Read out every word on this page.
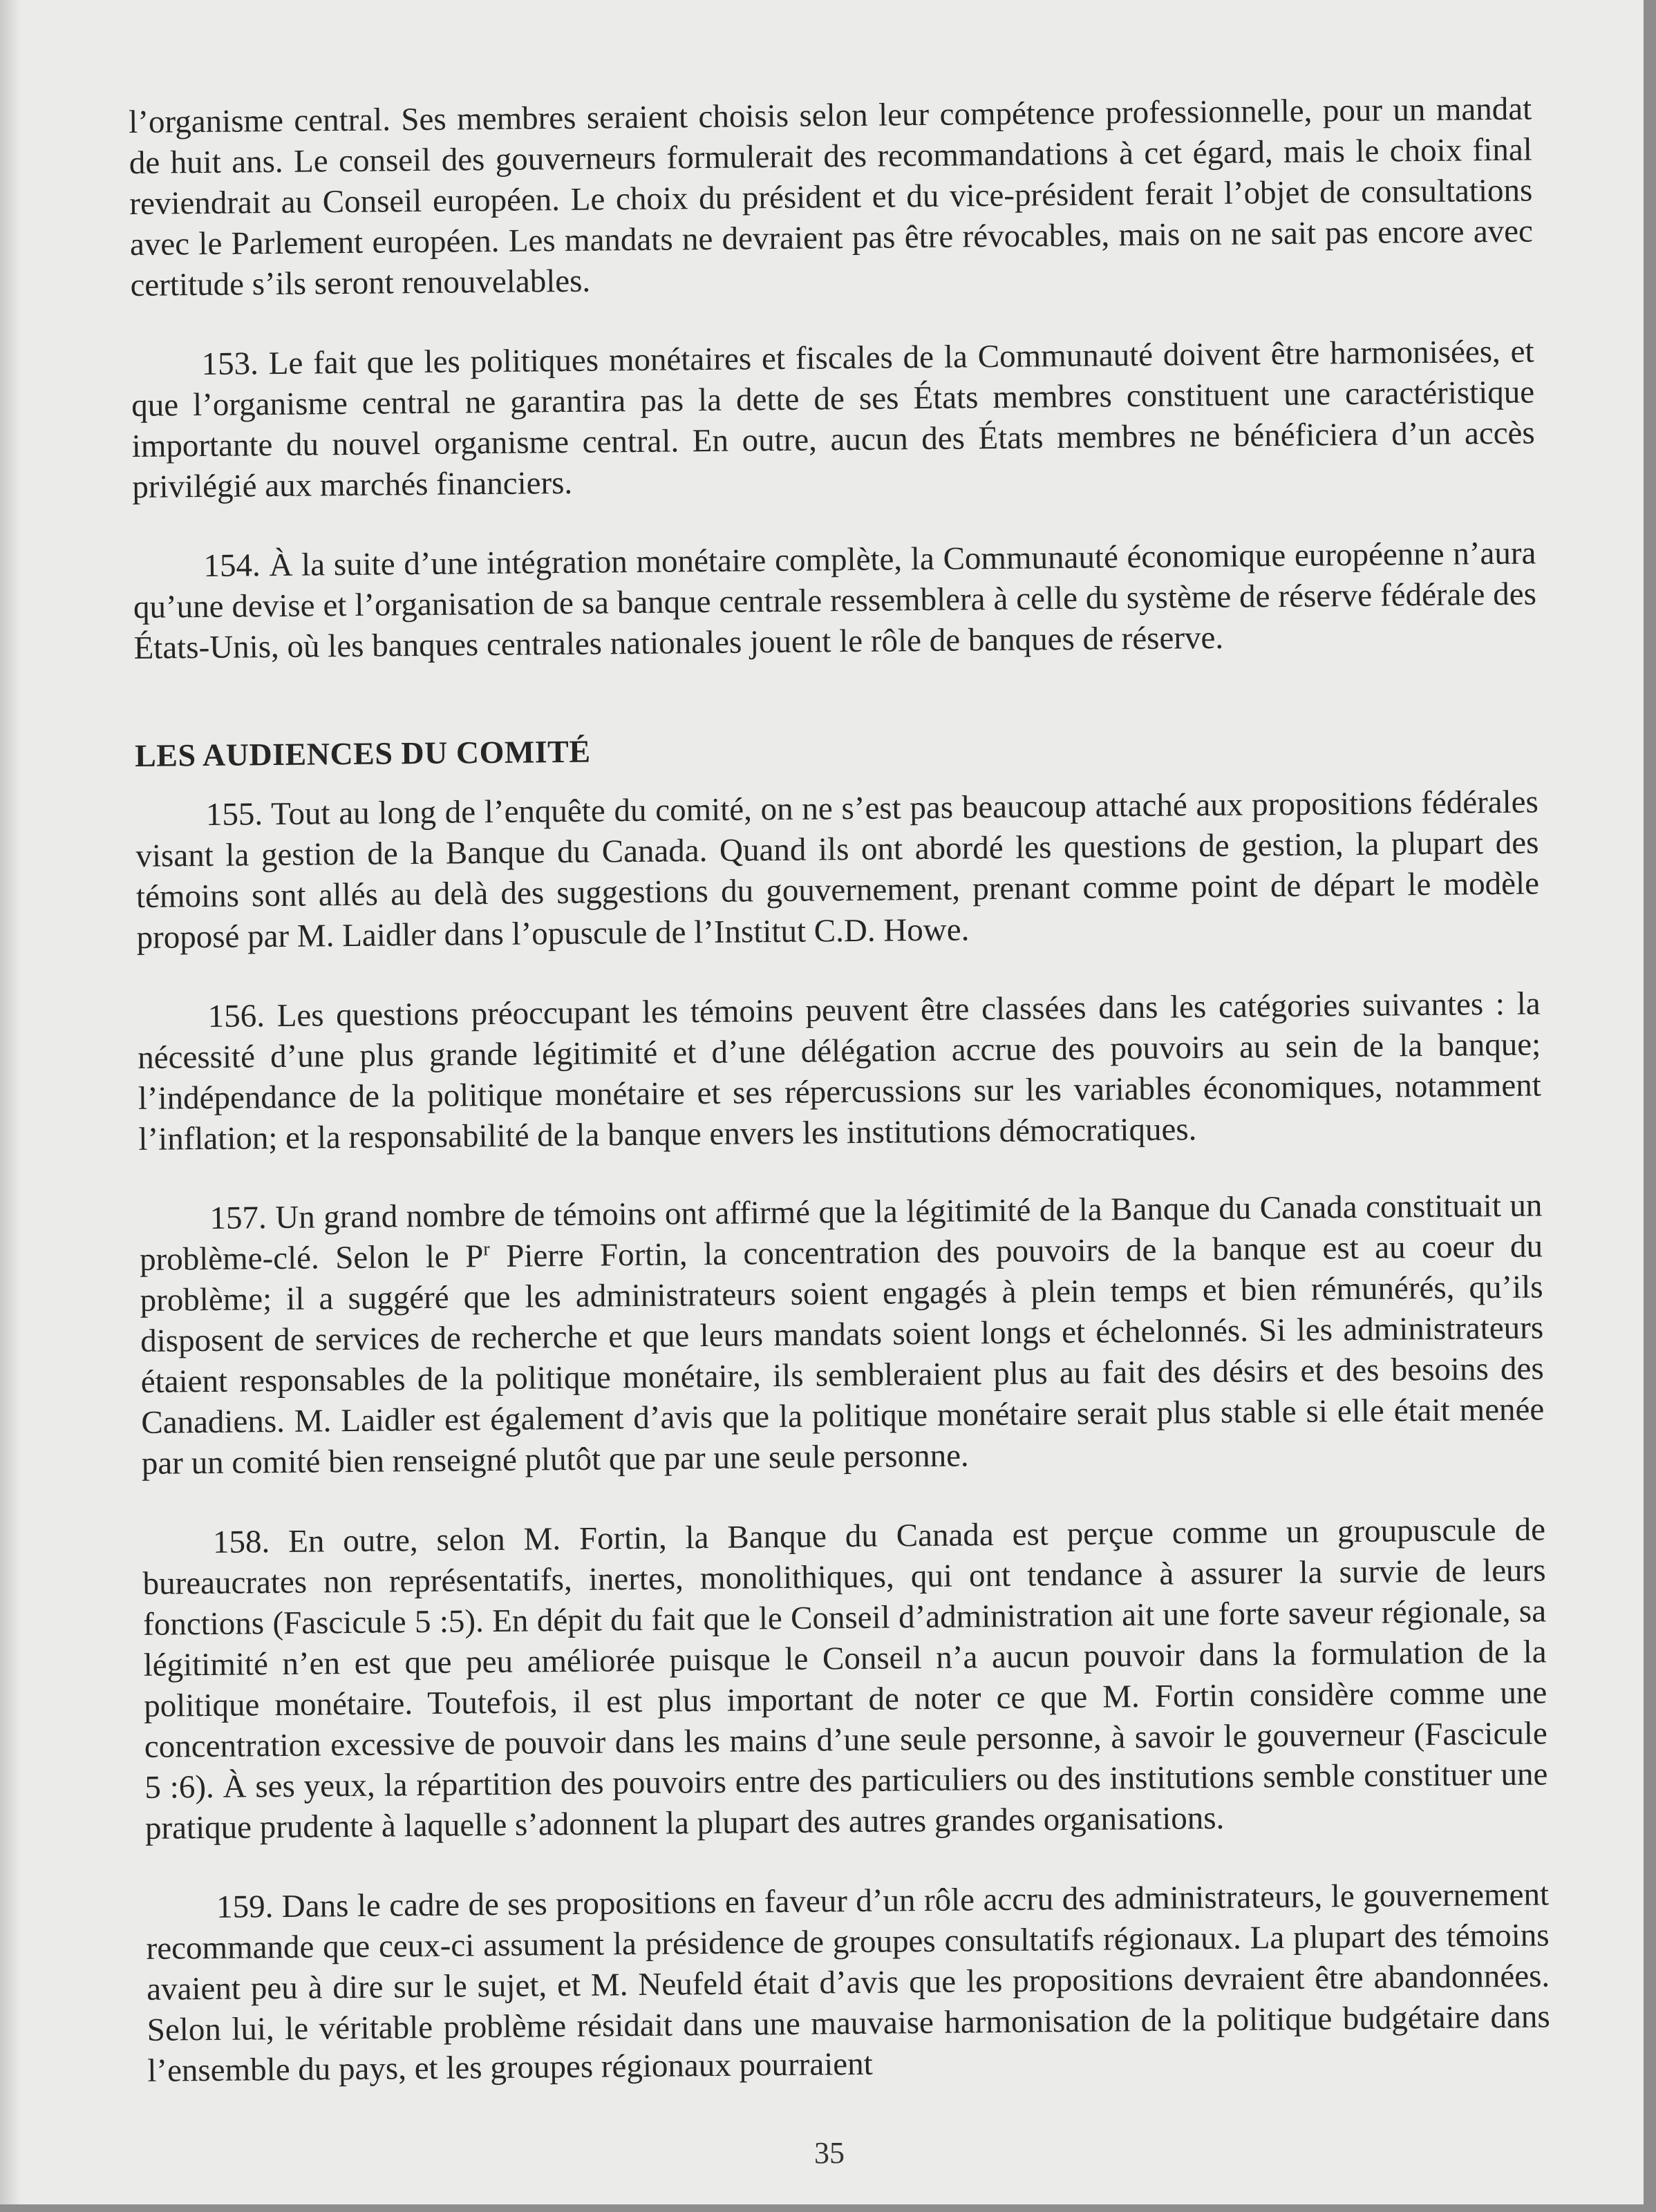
l’organisme central. Ses membres seraient choisis selon leur compétence professionnelle, pour un mandat de huit ans. Le conseil des gouverneurs formulerait des recommandations à cet égard, mais le choix final reviendrait au Conseil européen. Le choix du président et du vice-président ferait l’objet de consultations avec le Parlement européen. Les mandats ne devraient pas être révocables, mais on ne sait pas encore avec certitude s’ils seront renouvelables.

153. Le fait que les politiques monétaires et fiscales de la Communauté doivent être harmonisées, et que l’organisme central ne garantira pas la dette de ses États membres constituent une caractéristique importante du nouvel organisme central. En outre, aucun des États membres ne bénéficiera d’un accès privilégié aux marchés financiers.

154. À la suite d’une intégration monétaire complète, la Communauté économique européenne n’aura qu’une devise et l’organisation de sa banque centrale ressemblera à celle du système de réserve fédérale des États-Unis, où les banques centrales nationales jouent le rôle de banques de réserve.

LES AUDIENCES DU COMITÉ

155. Tout au long de l’enquête du comité, on ne s’est pas beaucoup attaché aux propositions fédérales visant la gestion de la Banque du Canada. Quand ils ont abordé les questions de gestion, la plupart des témoins sont allés au delà des suggestions du gouvernement, prenant comme point de départ le modèle proposé par M. Laidler dans l’opuscule de l’Institut C.D. Howe.

156. Les questions préoccupant les témoins peuvent être classées dans les catégories suivantes : la nécessité d’une plus grande légitimité et d’une délégation accrue des pouvoirs au sein de la banque; l’indépendance de la politique monétaire et ses répercussions sur les variables économiques, notamment l’inflation; et la responsabilité de la banque envers les institutions démocratiques.

157. Un grand nombre de témoins ont affirmé que la légitimité de la Banque du Canada constituait un problème-clé. Selon le $P^r$ Pierre Fortin, la concentration des pouvoirs de la banque est au coeur du problème; il a suggéré que les administrateurs soient engagés à plein temps et bien rémunérés, qu’ils disposent de services de recherche et que leurs mandats soient longs et échelonnés. Si les administrateurs étaient responsables de la politique monétaire, ils sembleraient plus au fait des désirs et des besoins des Canadiens. M. Laidler est également d’avis que la politique monétaire serait plus stable si elle était menée par un comité bien renseigné plutôt que par une seule personne.

158. En outre, selon M. Fortin, la Banque du Canada est perçue comme un groupuscule de bureaucrates non représentatifs, inertes, monolithiques, qui ont tendance à assurer la survie de leurs fonctions (Fascicule 5 :5). En dépit du fait que le Conseil d’administration ait une forte saveur régionale, sa légitimité n’en est que peu améliorée puisque le Conseil n’a aucun pouvoir dans la formulation de la politique monétaire. Toutefois, il est plus important de noter ce que M. Fortin considère comme une concentration excessive de pouvoir dans les mains d’une seule personne, à savoir le gouverneur (Fascicule 5 :6). À ses yeux, la répartition des pouvoirs entre des particuliers ou des institutions semble constituer une pratique prudente à laquelle s’adonnent la plupart des autres grandes organisations.

159. Dans le cadre de ses propositions en faveur d’un rôle accru des administrateurs, le gouvernement recommande que ceux-ci assument la présidence de groupes consultatifs régionaux. La plupart des témoins avaient peu à dire sur le sujet, et M. Neufeld était d’avis que les propositions devraient être abandonnées. Selon lui, le véritable problème résidait dans une mauvaise harmonisation de la politique budgétaire dans l’ensemble du pays, et les groupes régionaux pourraient

35
